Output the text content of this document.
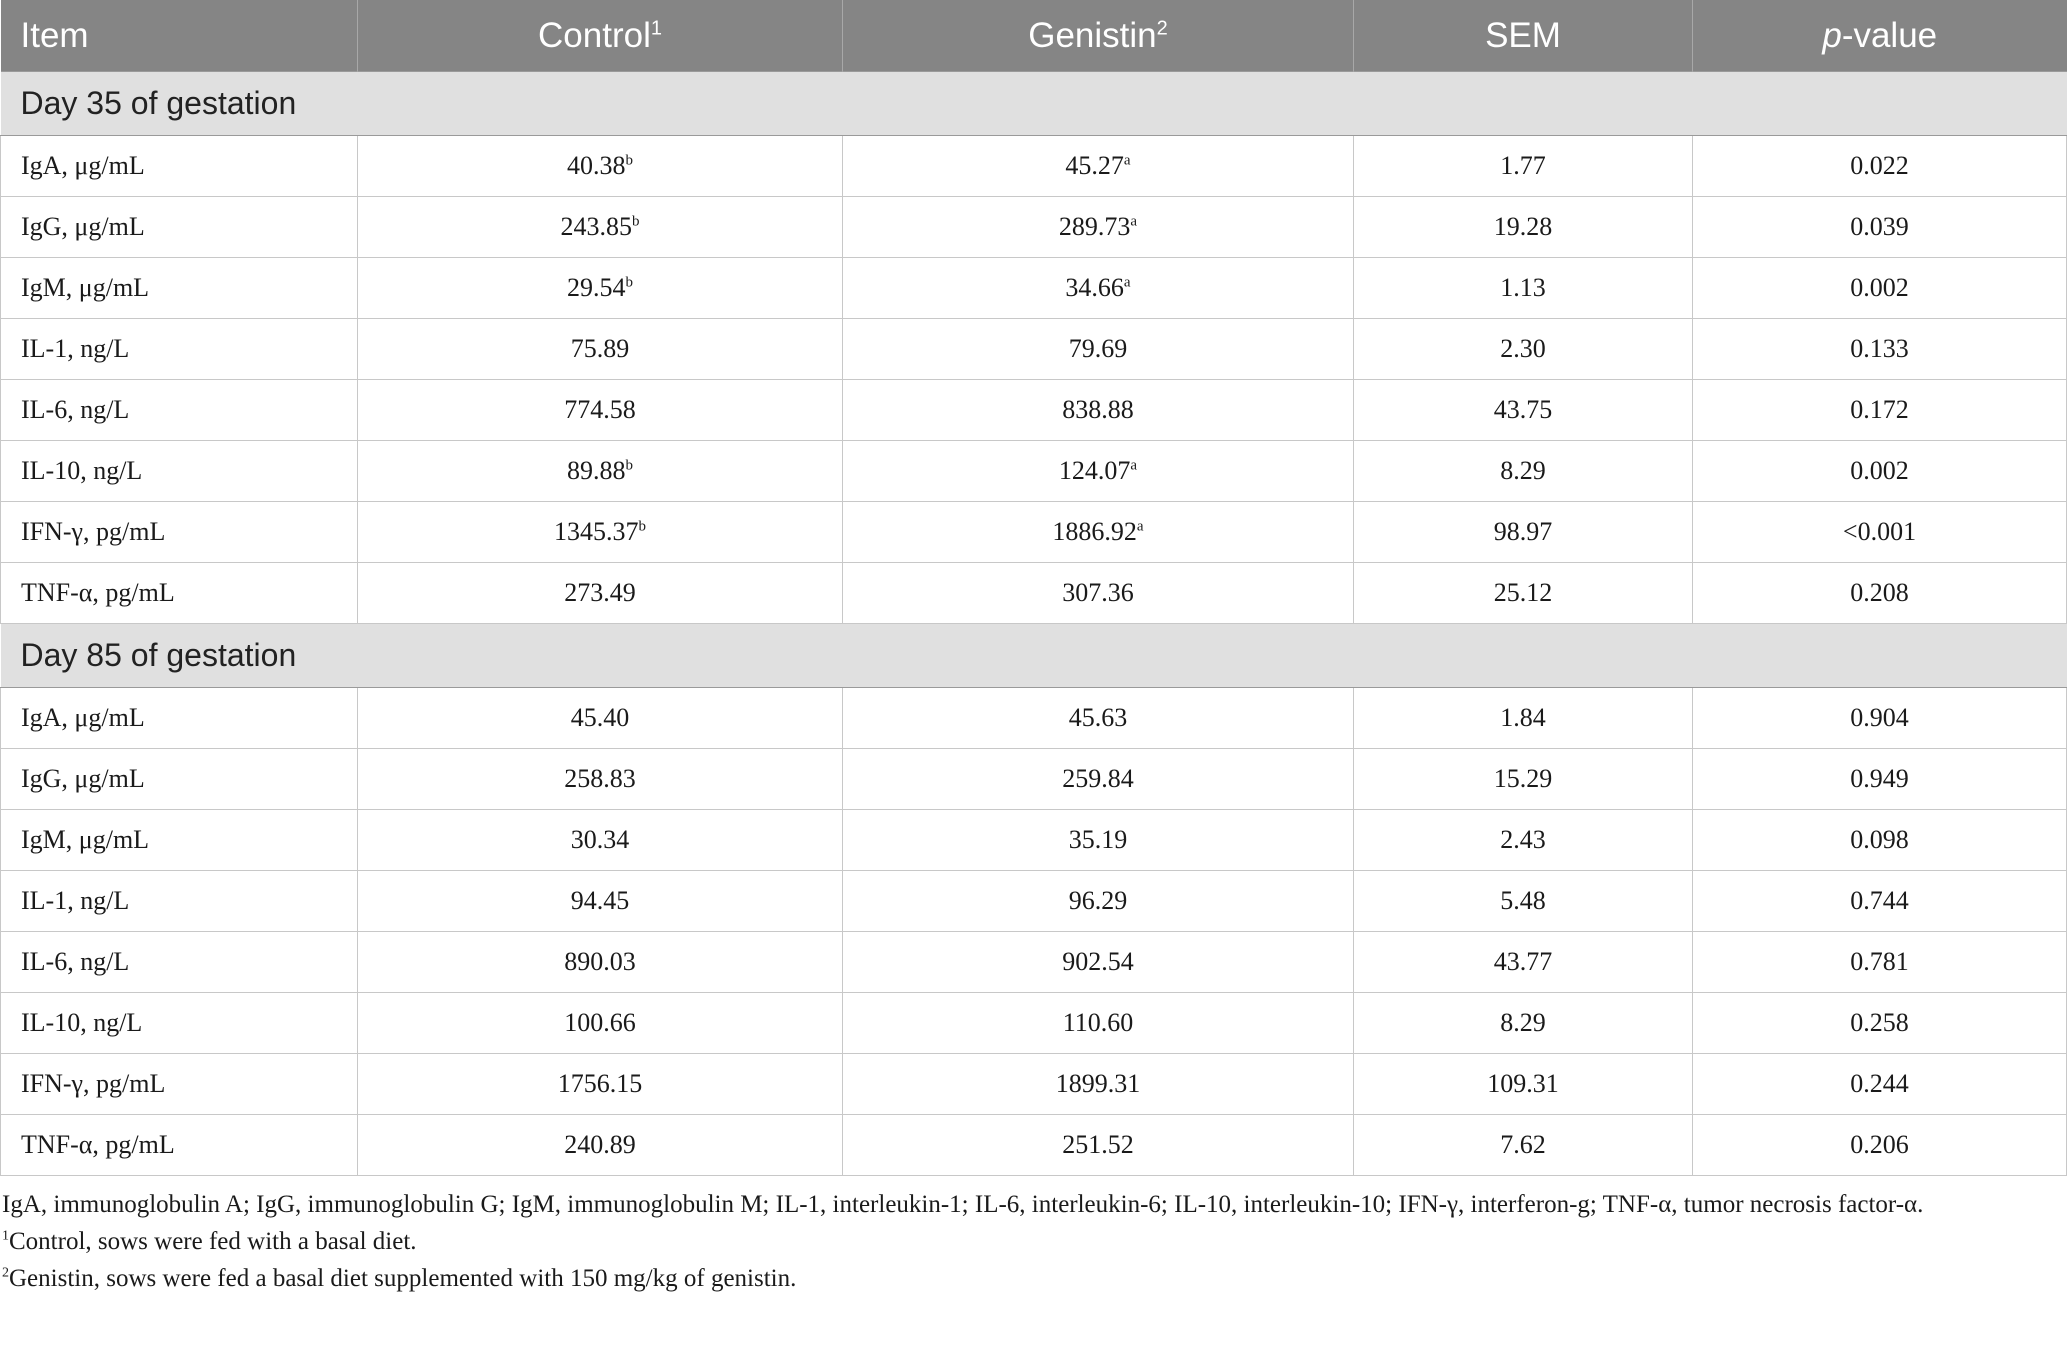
Item	Control$^1$	Genistin$^2$	SEM	p-value
Day 35 of gestation				
IgA, μg/mL	40.38$^b$	45.27$^a$	1.77	0.022
IgG, μg/mL	243.85$^b$	289.73$^a$	19.28	0.039
IgM, μg/mL	29.54$^b$	34.66$^a$	1.13	0.002
IL-1, ng/L	75.89	79.69	2.30	0.133
IL-6, ng/L	774.58	838.88	43.75	0.172
IL-10, ng/L	89.88$^b$	124.07$^a$	8.29	0.002
IFN-γ, pg/mL	1345.37$^b$	1886.92$^a$	98.97	<0.001
TNF-α, pg/mL	273.49	307.36	25.12	0.208
Day 85 of gestation				
IgA, μg/mL	45.40	45.63	1.84	0.904
IgG, μg/mL	258.83	259.84	15.29	0.949
IgM, μg/mL	30.34	35.19	2.43	0.098
IL-1, ng/L	94.45	96.29	5.48	0.744
IL-6, ng/L	890.03	902.54	43.77	0.781
IL-10, ng/L	100.66	110.60	8.29	0.258
IFN-γ, pg/mL	1756.15	1899.31	109.31	0.244
TNF-α, pg/mL	240.89	251.52	7.62	0.206

IgA, immunoglobulin A; IgG, immunoglobulin G; IgM, immunoglobulin M; IL-1, interleukin-1; IL-6, interleukin-6; IL-10, interleukin-10; IFN-γ, interferon-g; TNF-α, tumor necrosis factor-α.

$^1$Control, sows were fed with a basal diet.

$^2$Genistin, sows were fed a basal diet supplemented with 150 mg/kg of genistin.
